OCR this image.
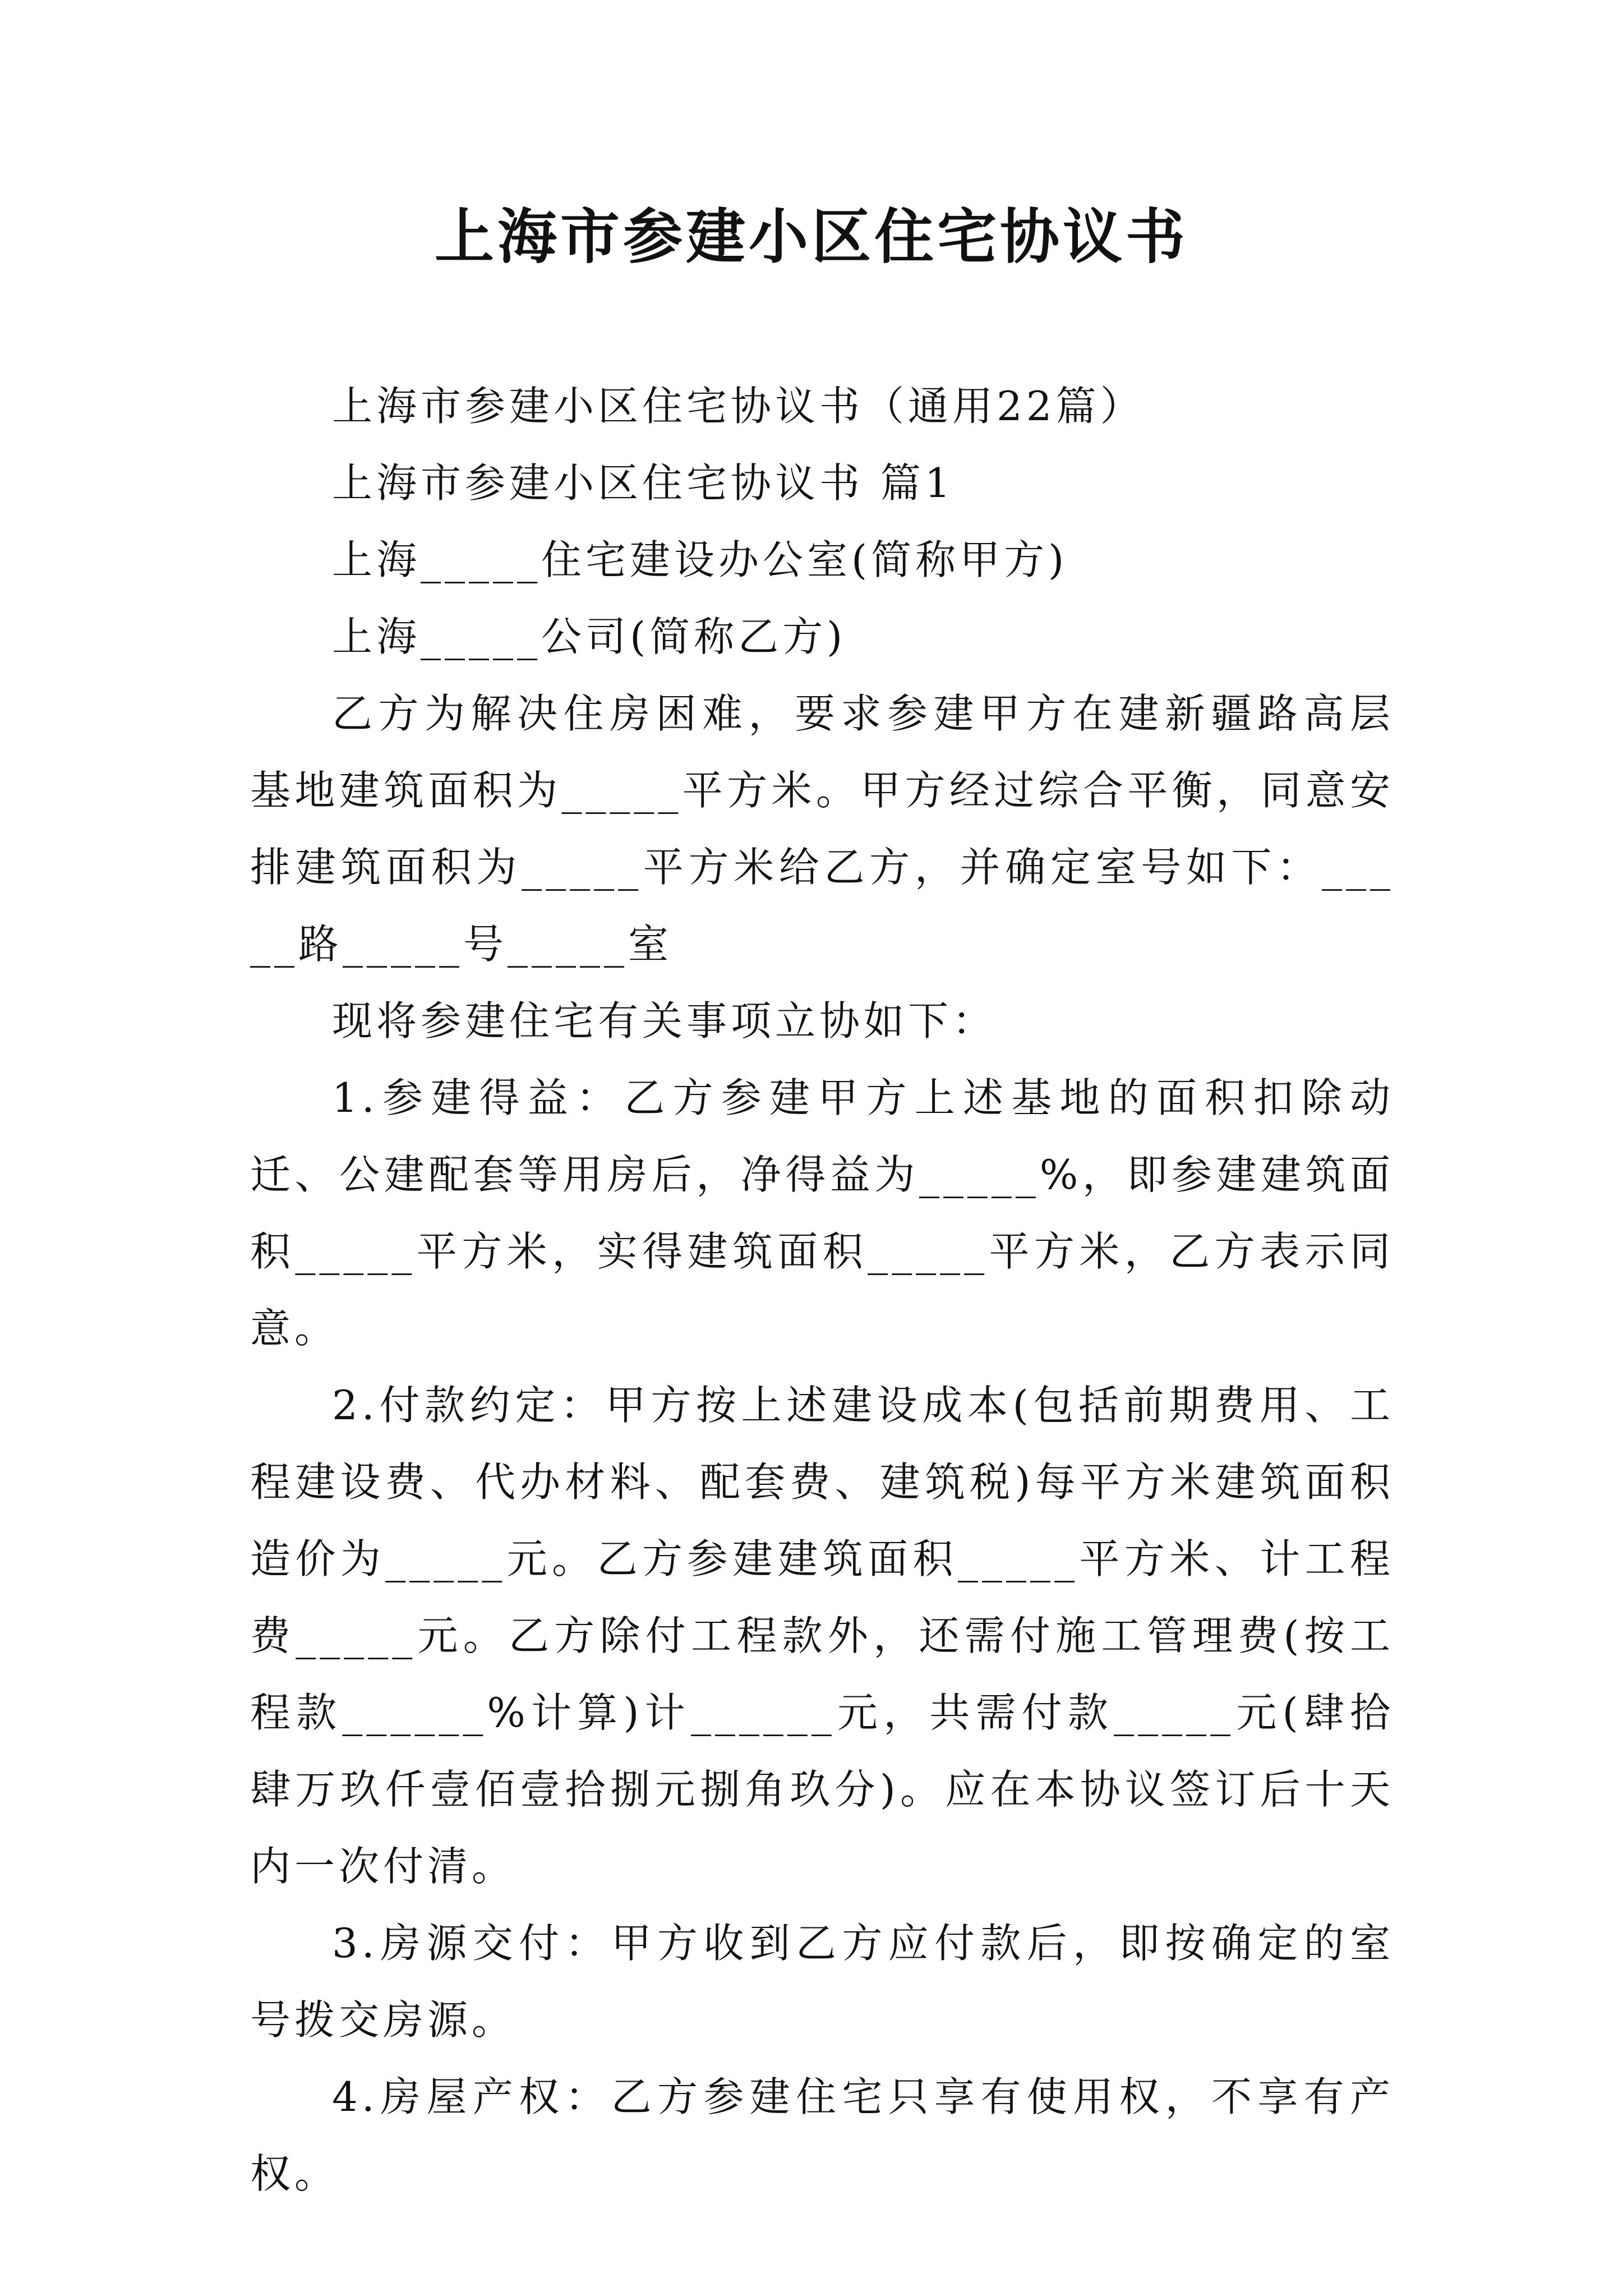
上海市参建小区住宅协议书

上海市参建小区住宅协议书（通用22篇）

上海市参建小区住宅协议书 篇1

上海_____住宅建设办公室(简称甲方)

上海_____公司(简称乙方)

乙方为解决住房困难，要求参建甲方在建新疆路高层基地建筑面积为_____平方米。甲方经过综合平衡，同意安排建筑面积为_____平方米给乙方，并确定室号如下：_____路_____号_____室

现将参建住宅有关事项立协如下：

1.参建得益：乙方参建甲方上述基地的面积扣除动迁、公建配套等用房后，净得益为_____%，即参建建筑面积_____平方米，实得建筑面积_____平方米，乙方表示同意。

2.付款约定：甲方按上述建设成本(包括前期费用、工程建设费、代办材料、配套费、建筑税)每平方米建筑面积造价为_____元。乙方参建建筑面积_____平方米、计工程费_____元。乙方除付工程款外，还需付施工管理费(按工程款______%计算)计______元，共需付款_____元(肆拾肆万玖仟壹佰壹拾捌元捌角玖分)。应在本协议签订后十天内一次付清。

3.房源交付：甲方收到乙方应付款后，即按确定的室号拨交房源。

4.房屋产权：乙方参建住宅只享有使用权，不享有产权。
